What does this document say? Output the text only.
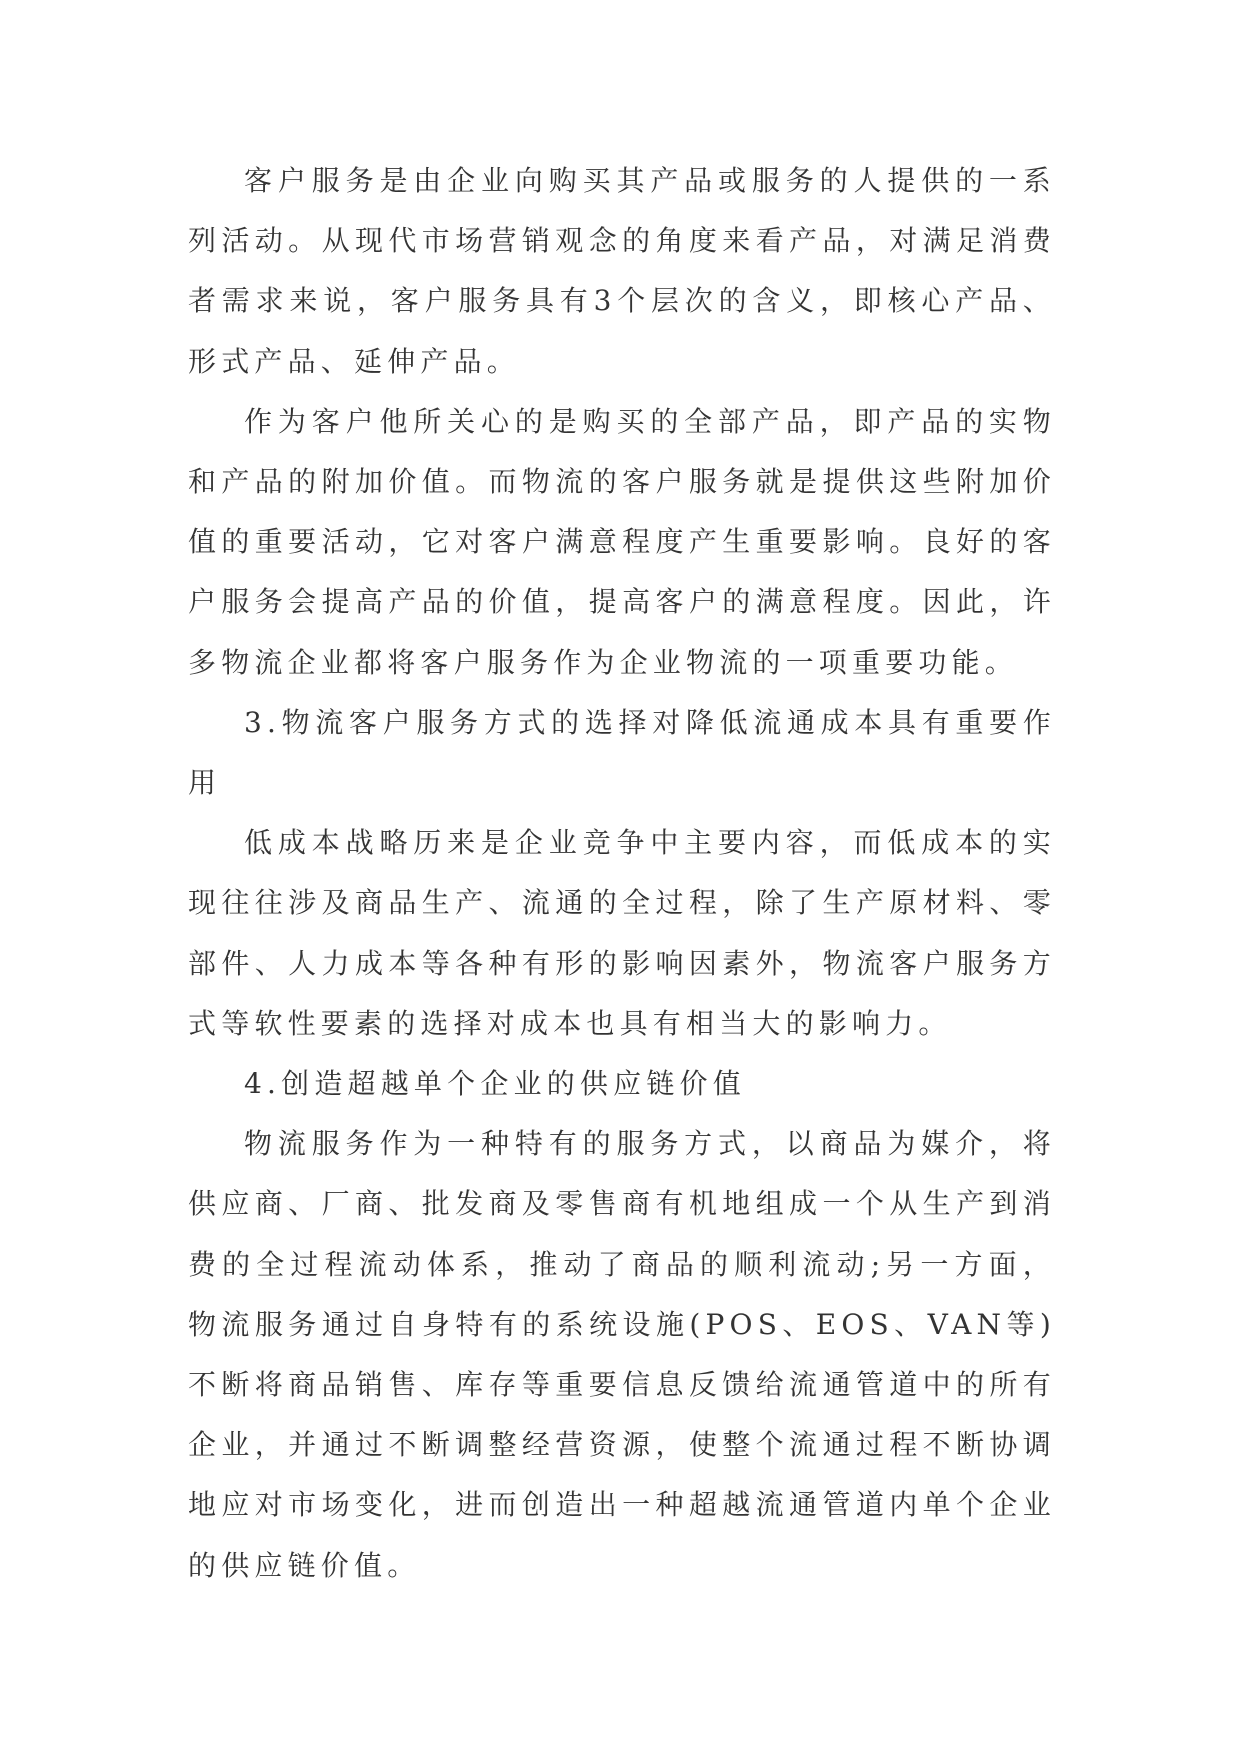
客户服务是由企业向购买其产品或服务的人提供的一系列活动。从现代市场营销观念的角度来看产品，对满足消费者需求来说，客户服务具有3个层次的含义，即核心产品、形式产品、延伸产品。

作为客户他所关心的是购买的全部产品，即产品的实物和产品的附加价值。而物流的客户服务就是提供这些附加价值的重要活动，它对客户满意程度产生重要影响。良好的客户服务会提高产品的价值，提高客户的满意程度。因此，许多物流企业都将客户服务作为企业物流的一项重要功能。

3.物流客户服务方式的选择对降低流通成本具有重要作用

低成本战略历来是企业竞争中主要内容，而低成本的实现往往涉及商品生产、流通的全过程，除了生产原材料、零部件、人力成本等各种有形的影响因素外，物流客户服务方式等软性要素的选择对成本也具有相当大的影响力。

4.创造超越单个企业的供应链价值

物流服务作为一种特有的服务方式，以商品为媒介，将供应商、厂商、批发商及零售商有机地组成一个从生产到消费的全过程流动体系，推动了商品的顺利流动;另一方面，物流服务通过自身特有的系统设施(POS、EOS、VAN等)不断将商品销售、库存等重要信息反馈给流通管道中的所有企业，并通过不断调整经营资源，使整个流通过程不断协调地应对市场变化，进而创造出一种超越流通管道内单个企业的供应链价值。
